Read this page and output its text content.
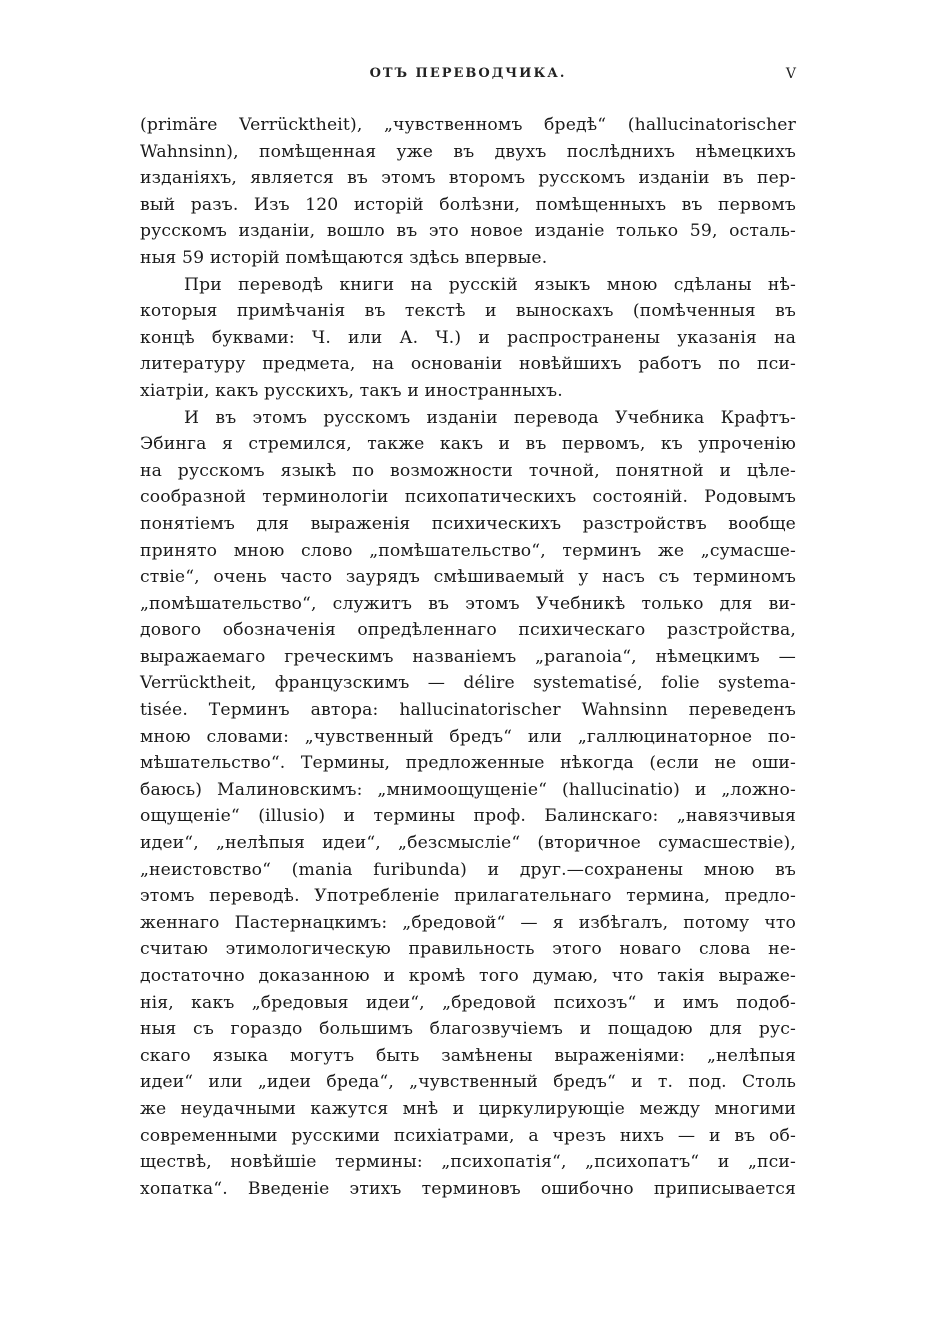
ОТЪ ПЕРЕВОДЧИКА.	V
(primäre Verrücktheit), „чувственномъ бредѣ“ (hallucinatorischer
Wahnsinn), помѣщенная уже въ двухъ послѣднихъ нѣмецкихъ
изданіяхъ, является въ этомъ второмъ русскомъ изданіи въ пер-
вый разъ. Изъ 120 исторій болѣзни, помѣщенныхъ въ первомъ
русскомъ изданіи, вошло въ это новое изданіе только 59, осталь-
ныя 59 исторій помѣщаются здѣсь впервые.
При переводѣ книги на русскій языкъ мною сдѣланы нѣ-
которыя примѣчанія въ текстѣ и выноскахъ (помѣченныя въ
концѣ буквами: Ч. или А. Ч.) и распространены указанія на
литературу предмета, на основаніи новѣйшихъ работъ по пси-
хіатріи, какъ русскихъ, такъ и иностранныхъ.
И въ этомъ русскомъ изданіи перевода Учебника Крафтъ-
Эбинга я стремился, также какъ и въ первомъ, къ упроченію
на русскомъ языкѣ по возможности точной, понятной и цѣле-
сообразной терминологіи психопатическихъ состояній. Родовымъ
понятіемъ для выраженія психическихъ разстройствъ вообще
принято мною слово „помѣшательство“, терминъ же „сумасше-
ствіе“, очень часто заурядъ смѣшиваемый у насъ съ терминомъ
„помѣшательство“, служитъ въ этомъ Учебникѣ только для ви-
дового обозначенія опредѣленнаго психическаго разстройства,
выражаемаго греческимъ названіемъ „paranoia“, нѣмецкимъ —
Verrücktheit, французскимъ — délire systematisé, folie systema-
tisée. Терминъ автора: hallucinatorischer Wahnsinn переведенъ
мною словами: „чувственный бредъ“ или „галлюцинаторное по-
мѣшательство“. Термины, предложенные нѣкогда (если не оши-
баюсь) Малиновскимъ: „мнимоощущеніе“ (hallucinatio) и „ложно-
ощущеніе“ (illusio) и термины проф. Балинскаго: „навязчивыя
идеи“, „нелѣпыя идеи“, „безсмысліе“ (вторичное сумасшествіе),
„неистовство“ (mania furibunda) и друг.—сохранены мною въ
этомъ переводѣ. Употребленіе прилагательнаго термина, предло-
женнаго Пастернацкимъ: „бредовой“ — я избѣгалъ, потому что
считаю этимологическую правильность этого новаго слова не-
достаточно доказанною и кромѣ того думаю, что такія выраже-
нія, какъ „бредовыя идеи“, „бредовой психозъ“ и имъ подоб-
ныя съ гораздо большимъ благозвучіемъ и пощадою для рус-
скаго языка могутъ быть замѣнены выраженіями: „нелѣпыя
идеи“ или „идеи бреда“, „чувственный бредъ“ и т. под. Столь
же неудачными кажутся мнѣ и циркулирующіе между многими
современными русскими психіатрами, а чрезъ нихъ — и въ об-
ществѣ, новѣйшіе термины: „психопатія“, „психопатъ“ и „пси-
хопатка“. Введеніе этихъ терминовъ ошибочно приписывается
